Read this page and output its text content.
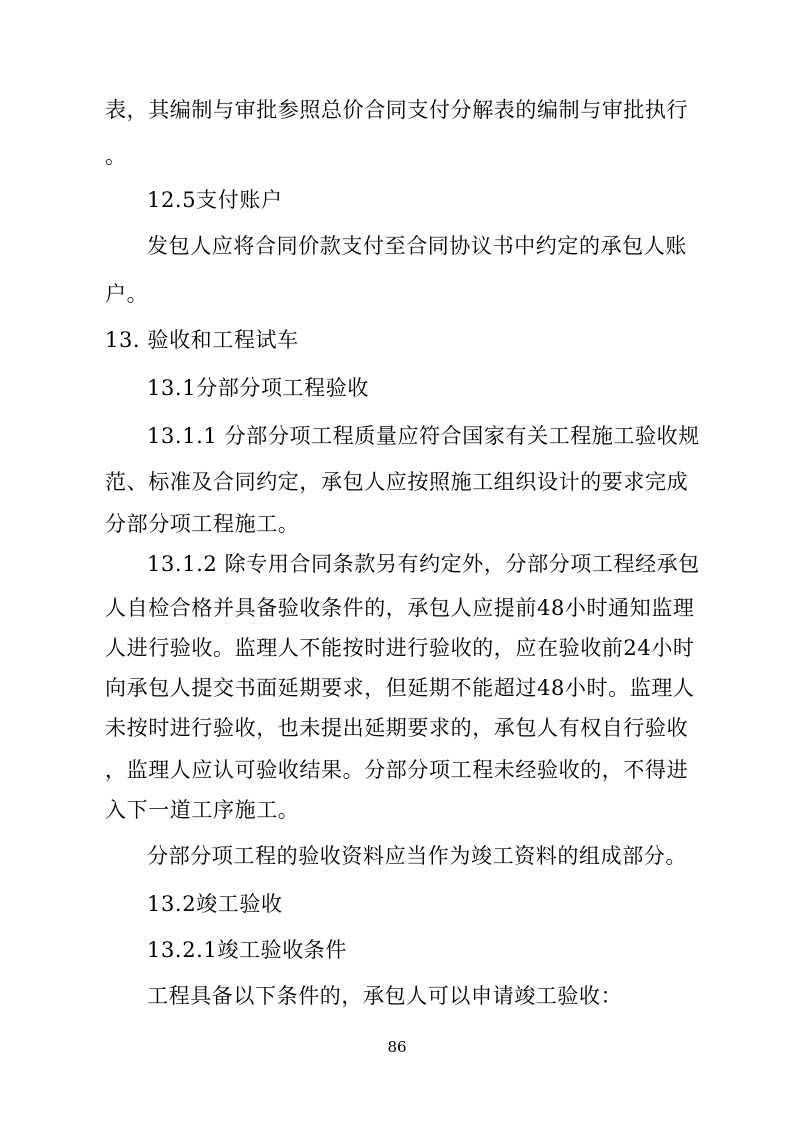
表，其编制与审批参照总价合同支付分解表的编制与审批执行
。
12.5支付账户
发包人应将合同价款支付至合同协议书中约定的承包人账
户。
13. 验收和工程试车
13.1分部分项工程验收
13.1.1 分部分项工程质量应符合国家有关工程施工验收规
范、标准及合同约定，承包人应按照施工组织设计的要求完成
分部分项工程施工。
13.1.2 除专用合同条款另有约定外，分部分项工程经承包
人自检合格并具备验收条件的，承包人应提前48小时通知监理
人进行验收。监理人不能按时进行验收的，应在验收前24小时
向承包人提交书面延期要求，但延期不能超过48小时。监理人
未按时进行验收，也未提出延期要求的，承包人有权自行验收
，监理人应认可验收结果。分部分项工程未经验收的，不得进
入下一道工序施工。
分部分项工程的验收资料应当作为竣工资料的组成部分。
13.2竣工验收
13.2.1竣工验收条件
工程具备以下条件的，承包人可以申请竣工验收：
86
